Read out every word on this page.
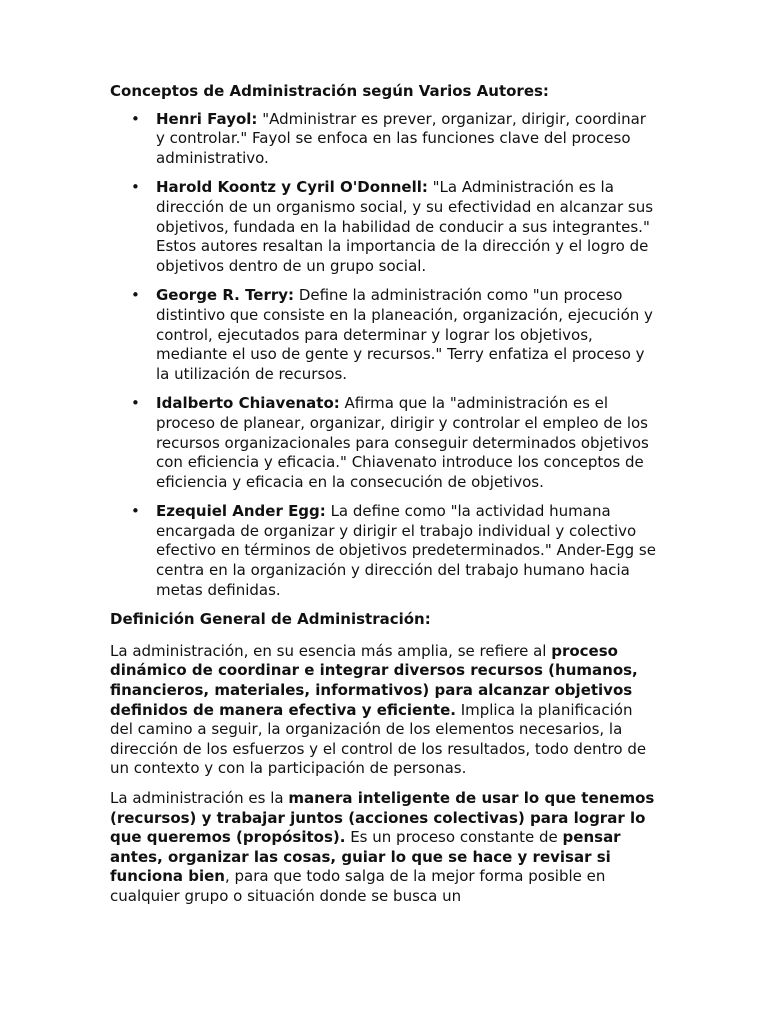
Conceptos de Administración según Varios Autores:
• Henri Fayol: "Administrar es prever, organizar, dirigir, coordinar y controlar." Fayol se enfoca en las funciones clave del proceso administrativo.
• Harold Koontz y Cyril O'Donnell: "La Administración es la dirección de un organismo social, y su efectividad en alcanzar sus objetivos, fundada en la habilidad de conducir a sus integrantes." Estos autores resaltan la importancia de la dirección y el logro de objetivos dentro de un grupo social.
• George R. Terry: Define la administración como "un proceso distintivo que consiste en la planeación, organización, ejecución y control, ejecutados para determinar y lograr los objetivos, mediante el uso de gente y recursos." Terry enfatiza el proceso y la utilización de recursos.
• Idalberto Chiavenato: Afirma que la "administración es el proceso de planear, organizar, dirigir y controlar el empleo de los recursos organizacionales para conseguir determinados objetivos con eficiencia y eficacia." Chiavenato introduce los conceptos de eficiencia y eficacia en la consecución de objetivos.
• Ezequiel Ander Egg: La define como "la actividad humana encargada de organizar y dirigir el trabajo individual y colectivo efectivo en términos de objetivos predeterminados." Ander-Egg se centra en la organización y dirección del trabajo humano hacia metas definidas.
Definición General de Administración:

La administración, en su esencia más amplia, se refiere al proceso dinámico de coordinar e integrar diversos recursos (humanos, financieros, materiales, informativos) para alcanzar objetivos definidos de manera efectiva y eficiente. Implica la planificación del camino a seguir, la organización de los elementos necesarios, la dirección de los esfuerzos y el control de los resultados, todo dentro de un contexto y con la participación de personas.

La administración es la manera inteligente de usar lo que tenemos (recursos) y trabajar juntos (acciones colectivas) para lograr lo que queremos (propósitos). Es un proceso constante de pensar antes, organizar las cosas, guiar lo que se hace y revisar si funciona bien, para que todo salga de la mejor forma posible en cualquier grupo o situación donde se busca un
